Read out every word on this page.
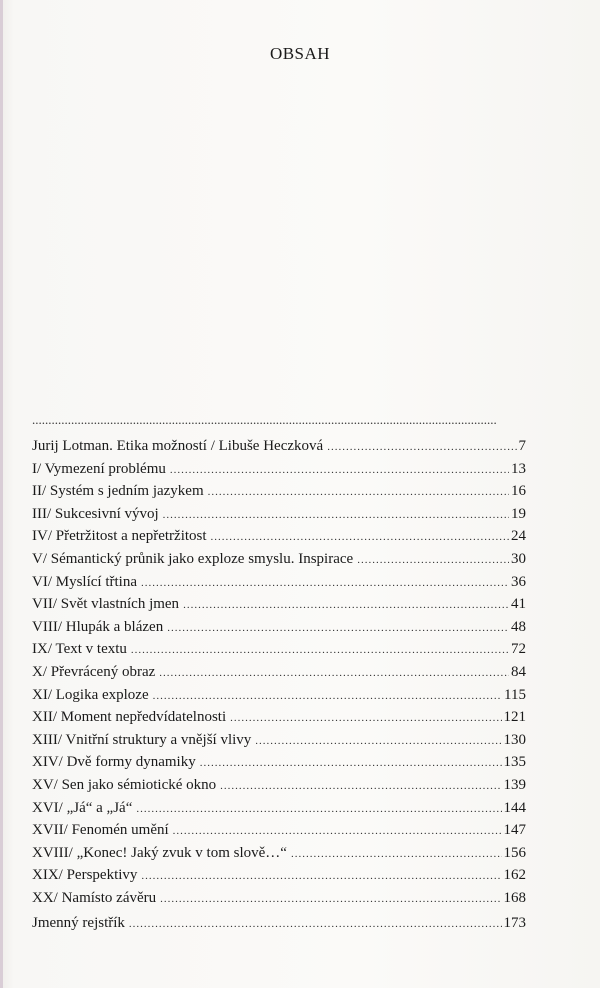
OBSAH
...............................................................................................................................................
Jurij Lotman. Etika možností / Libuše Heczková .....	7
I/ Vymezení problému .....	13
II/ Systém s jedním jazykem .....	16
III/ Sukcesivní vývoj .....	19
IV/ Přetržitost a nepřetržitost .....	24
V/ Sémantický průnik jako exploze smyslu. Inspirace .....	30
VI/ Myslící třtina .....	36
VII/ Svět vlastních jmen .....	41
VIII/ Hlupák a blázen .....	48
IX/ Text v textu .....	72
X/ Převrácený obraz .....	84
XI/ Logika exploze .....	115
XII/ Moment nepředvídatelnosti .....	121
XIII/ Vnitřní struktury a vnější vlivy .....	130
XIV/ Dvě formy dynamiky .....	135
XV/ Sen jako sémiotické okno .....	139
XVI/ „Já“ a „Já“ .....	144
XVII/ Fenomén umění .....	147
XVIII/ „Konec! Jaký zvuk v tom slově…“ .....	156
XIX/ Perspektivy .....	162
XX/ Namísto závěru .....	168
Jmenný rejstřík .....	173
